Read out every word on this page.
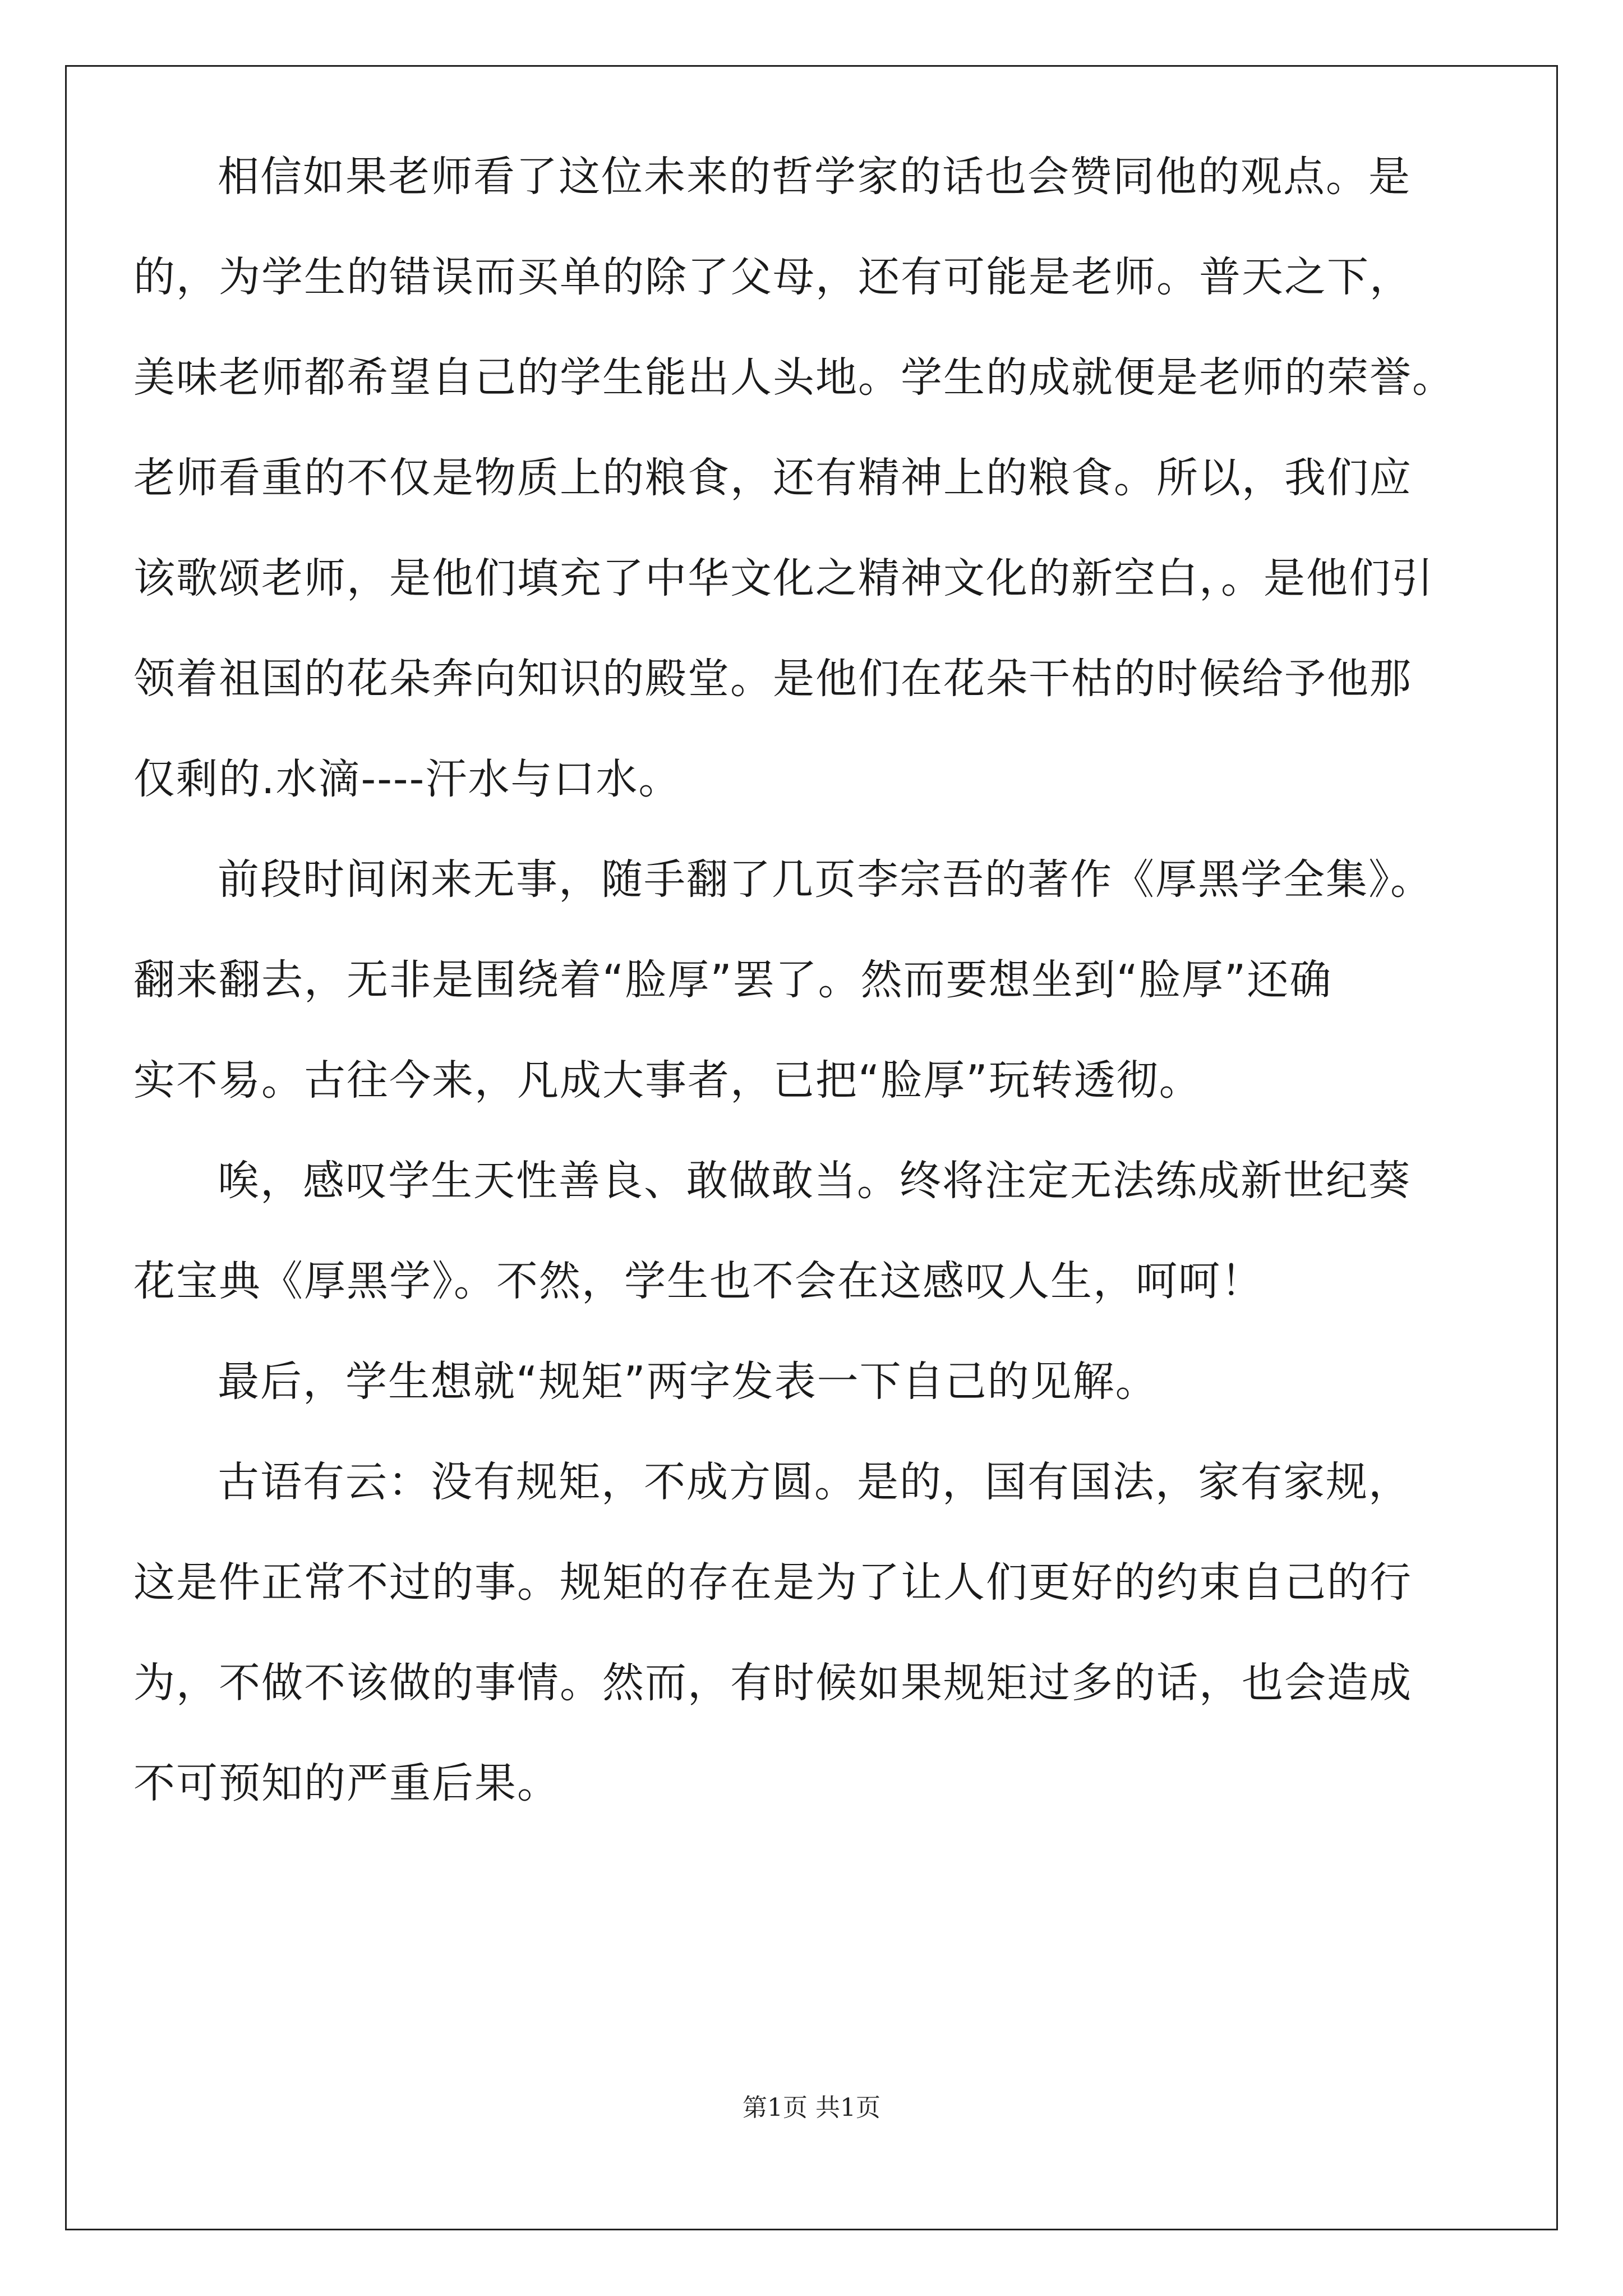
相信如果老师看了这位未来的哲学家的话也会赞同他的观点。是
的，为学生的错误而买单的除了父母，还有可能是老师。普天之下，
美味老师都希望自己的学生能出人头地。学生的成就便是老师的荣誉。
老师看重的不仅是物质上的粮食，还有精神上的粮食。所以，我们应
该歌颂老师，是他们填充了中华文化之精神文化的新空白，。是他们引
领着祖国的花朵奔向知识的殿堂。是他们在花朵干枯的时候给予他那
仅剩的.水滴----汗水与口水。
前段时间闲来无事，随手翻了几页李宗吾的著作《厚黑学全集》。
翻来翻去，无非是围绕着“脸厚”罢了。然而要想坐到“脸厚”还确
实不易。古往今来，凡成大事者，已把“脸厚”玩转透彻。
唉，感叹学生天性善良、敢做敢当。终将注定无法练成新世纪葵
花宝典《厚黑学》。不然，学生也不会在这感叹人生，呵呵！
最后，学生想就“规矩”两字发表一下自己的见解。
古语有云：没有规矩，不成方圆。是的，国有国法，家有家规，
这是件正常不过的事。规矩的存在是为了让人们更好的约束自己的行
为，不做不该做的事情。然而，有时候如果规矩过多的话，也会造成
不可预知的严重后果。
第1页 共1页
